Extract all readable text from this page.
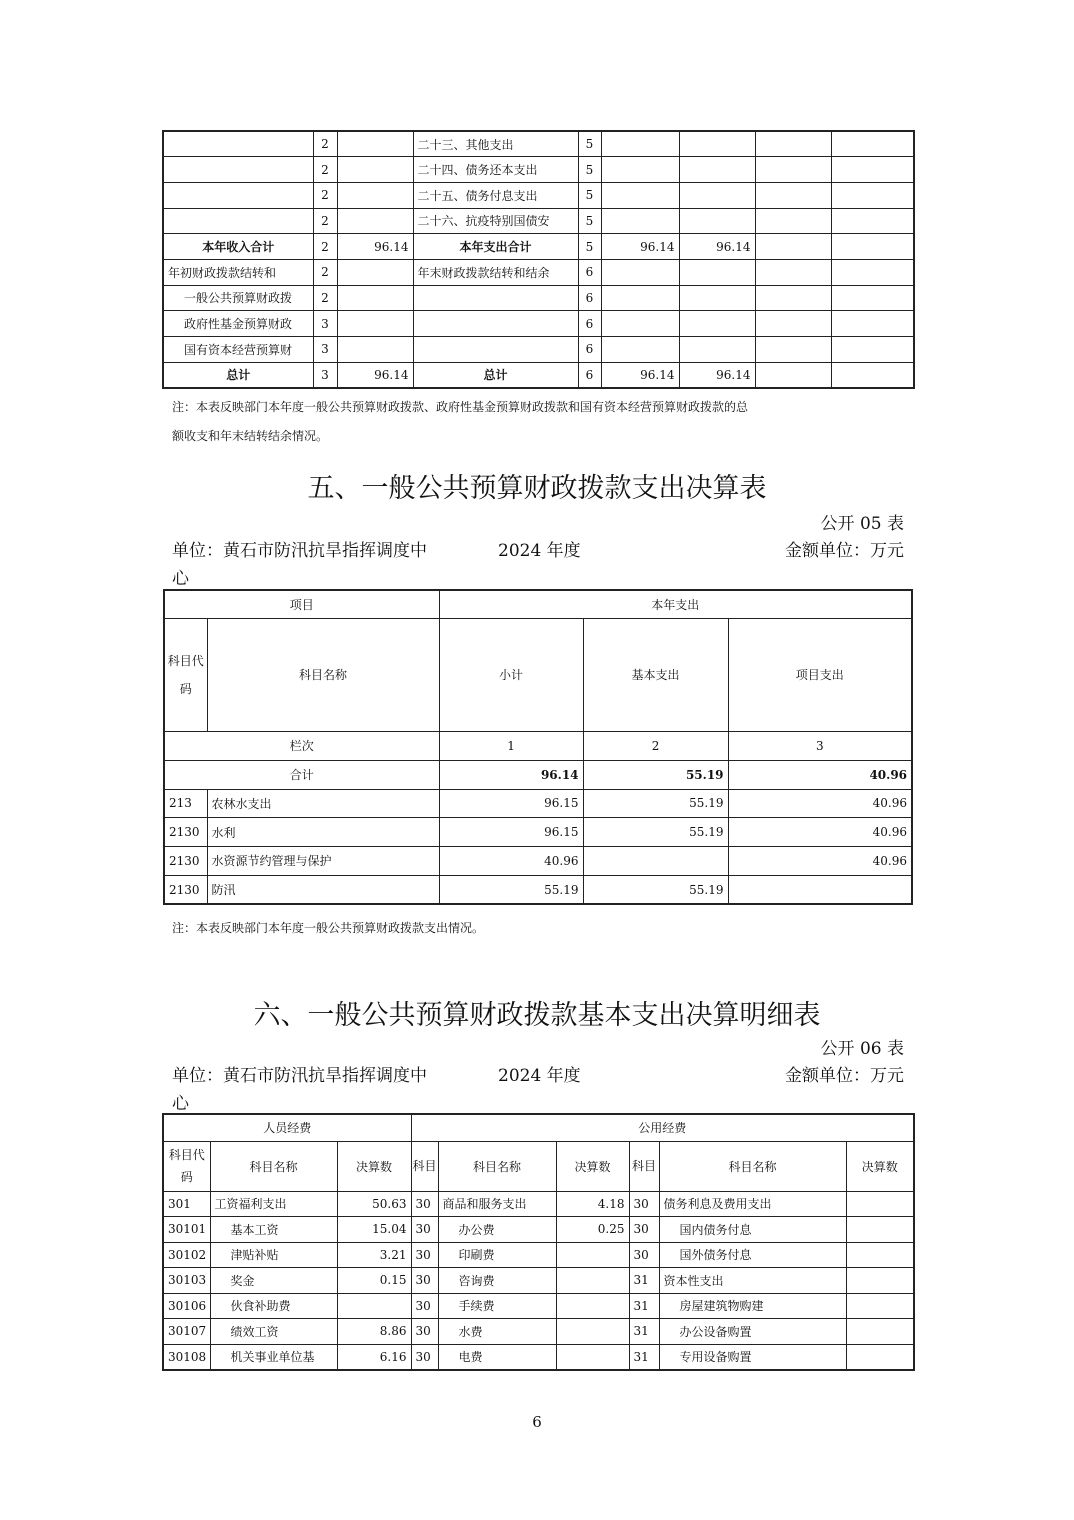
	2		二十三、其他支出	5				
	2		二十四、债务还本支出	5				
	2		二十五、债务付息支出	5				
	2		二十六、抗疫特别国债安	5				
本年收入合计	2	96.14	本年支出合计	5	96.14	96.14		
年初财政拨款结转和	2		年末财政拨款结转和结余	6				
一般公共预算财政拨	2			6				
政府性基金预算财政	3			6				
国有资本经营预算财	3			6				
总计	3	96.14	总计	6	96.14	96.14		
注：本表反映部门本年度一般公共预算财政拨款、政府性基金预算财政拨款和国有资本经营预算财政拨款的总
额收支和年末结转结余情况。
五、一般公共预算财政拨款支出决算表
公开 05 表
单位：黄石市防汛抗旱指挥调度中
心
2024 年度	金额单位：万元
项目		本年支出		
科目代码	科目名称	小计	基本支出	项目支出
栏次		1	2	3
合计		96.14	55.19	40.96
213	农林水支出	96.15	55.19	40.96
2130	水利	96.15	55.19	40.96
2130	水资源节约管理与保护	40.96		40.96
2130	防汛	55.19	55.19	
注：本表反映部门本年度一般公共预算财政拨款支出情况。
六、一般公共预算财政拨款基本支出决算明细表
公开 06 表
单位：黄石市防汛抗旱指挥调度中
心
2024 年度	金额单位：万元
人员经费			公用经费					
科目代码	科目名称	决算数	科目	科目名称	决算数	科目	科目名称	决算数
301	工资福利支出	50.63	30	商品和服务支出	4.18	30	债务利息及费用支出	
30101	基本工资	15.04	30	办公费	0.25	30	国内债务付息	
30102	津贴补贴	3.21	30	印刷费		30	国外债务付息	
30103	奖金	0.15	30	咨询费		31	资本性支出	
30106	伙食补助费		30	手续费		31	房屋建筑物购建	
30107	绩效工资	8.86	30	水费		31	办公设备购置	
30108	机关事业单位基	6.16	30	电费		31	专用设备购置	
6
